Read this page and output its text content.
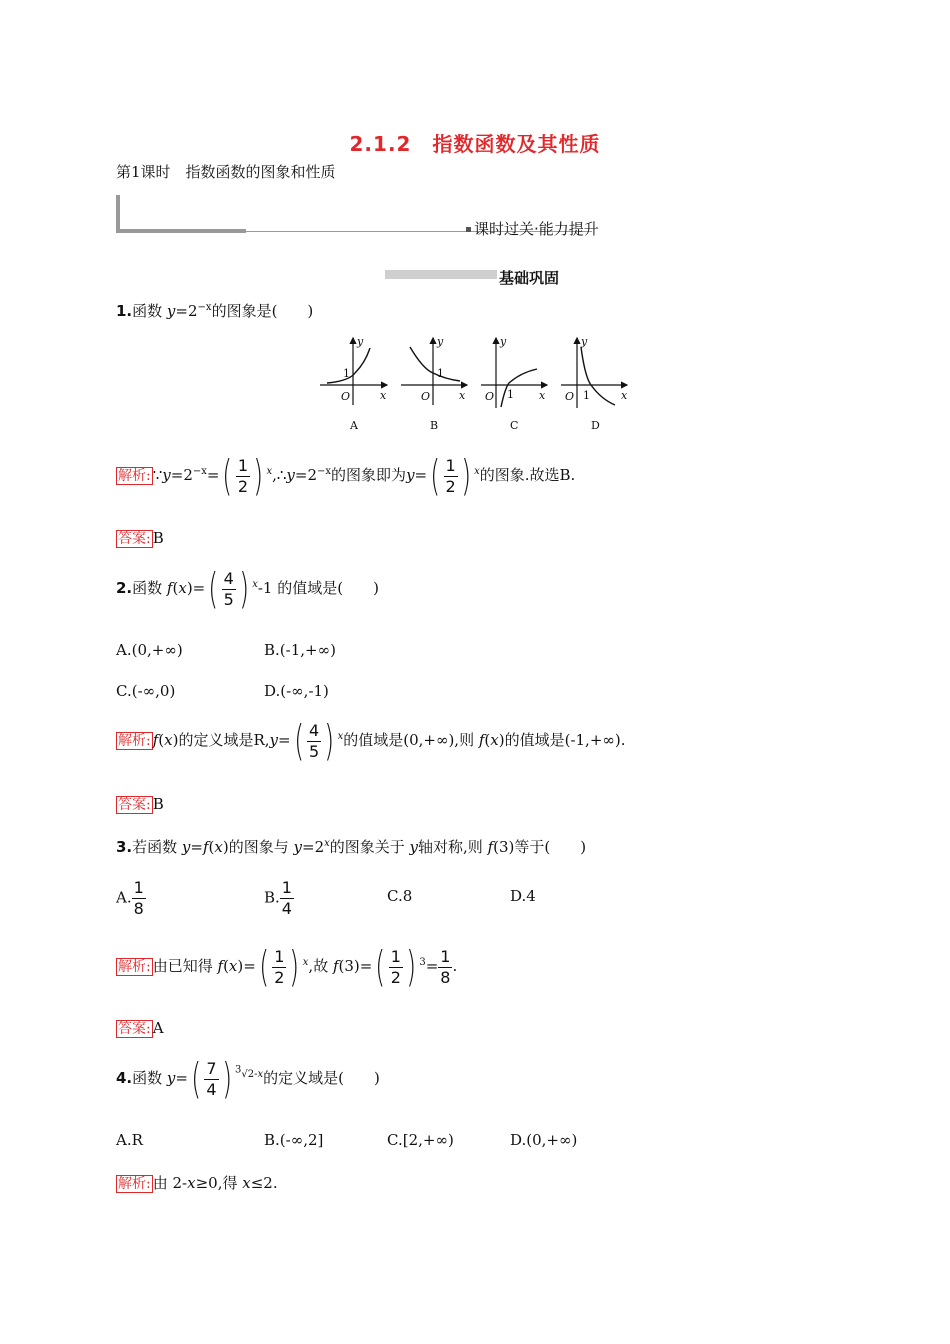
2.1.2　指数函数及其性质
第1课时　指数函数的图象和性质
课时过关·能力提升
基础巩固
1.函数 $y=2^{-x}$的图象是(　　)
y
x
O
1
A
y
x
O
1
B
y
x
O 1
C
y
x
O 1
D
解析: $\because y=2^{-x}=( \frac{1}{2}$ ) $^x,\therefore y=2^{-x}$的图象即为$y=( \frac{1}{2}$ ) $^x$的图象.故选B.
答案: B
2.函数 $f(x)=( \frac{4}{5}$ ) $^x$-1 的值域是(　　)
A.(0,+∞)	B.(-1,+∞)
C.(-∞,0)	D.(-∞,-1)
解析: f(x)的定义域是$R,y=( \frac{4}{5}$ ) $^x$的值域是(0,+∞),则 f(x)的值域是(-1,+∞).
答案: B
3.若函数 y=f(x)的图象与 $y=2^x$的图象关于 y轴对称,则 f(3)等于(　　)
A. $\frac{1}{8}$	B. $\frac{1}{4}$	C.8	D.4
解析: 由已知得 $f(x)=( \frac{1}{2}$ ) $^x$,故 $f(3)=( \frac{1}{2}$ ) $^3= \frac{1}{8}$ .
答案: A
4.函数 $y=( \frac{7}{4}$ ) $^{^3√2-x}$的定义域是(　　)
A.R	B.(-∞,2]	C.[2,+∞)	D.(0,+∞)
解析: 由 2-x≥0,得 x≤2.
